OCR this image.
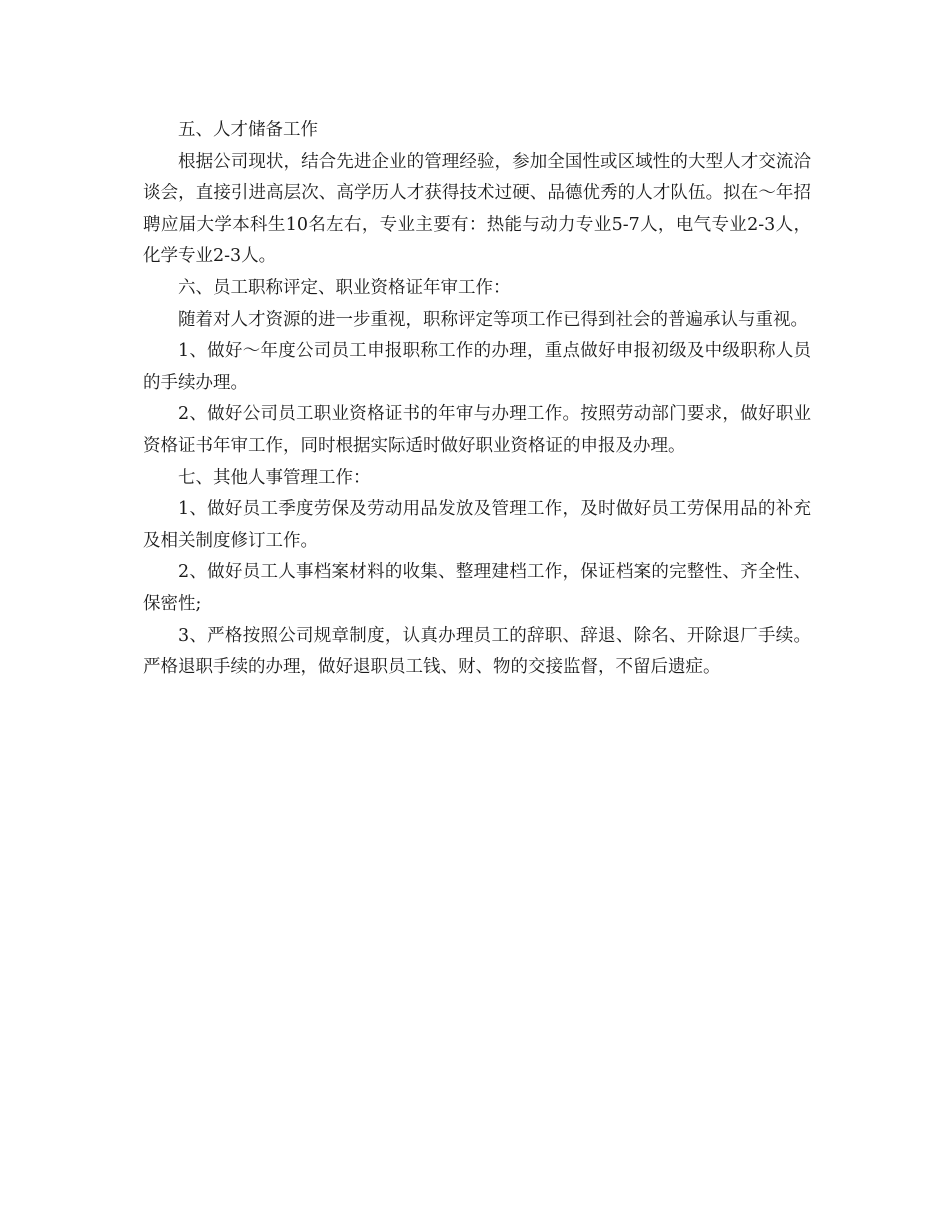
五、人才储备工作

根据公司现状，结合先进企业的管理经验，参加全国性或区域性的大型人才交流洽谈会，直接引进高层次、高学历人才获得技术过硬、品德优秀的人才队伍。拟在～年招聘应届大学本科生10名左右，专业主要有：热能与动力专业5-7人，电气专业2-3人，化学专业2-3人。

六、员工职称评定、职业资格证年审工作：

随着对人才资源的进一步重视，职称评定等项工作已得到社会的普遍承认与重视。

1、做好～年度公司员工申报职称工作的办理，重点做好申报初级及中级职称人员的手续办理。

2、做好公司员工职业资格证书的年审与办理工作。按照劳动部门要求，做好职业资格证书年审工作，同时根据实际适时做好职业资格证的申报及办理。

七、其他人事管理工作：

1、做好员工季度劳保及劳动用品发放及管理工作，及时做好员工劳保用品的补充及相关制度修订工作。

2、做好员工人事档案材料的收集、整理建档工作，保证档案的完整性、齐全性、保密性;

3、严格按照公司规章制度，认真办理员工的辞职、辞退、除名、开除退厂手续。严格退职手续的办理，做好退职员工钱、财、物的交接监督，不留后遗症。
